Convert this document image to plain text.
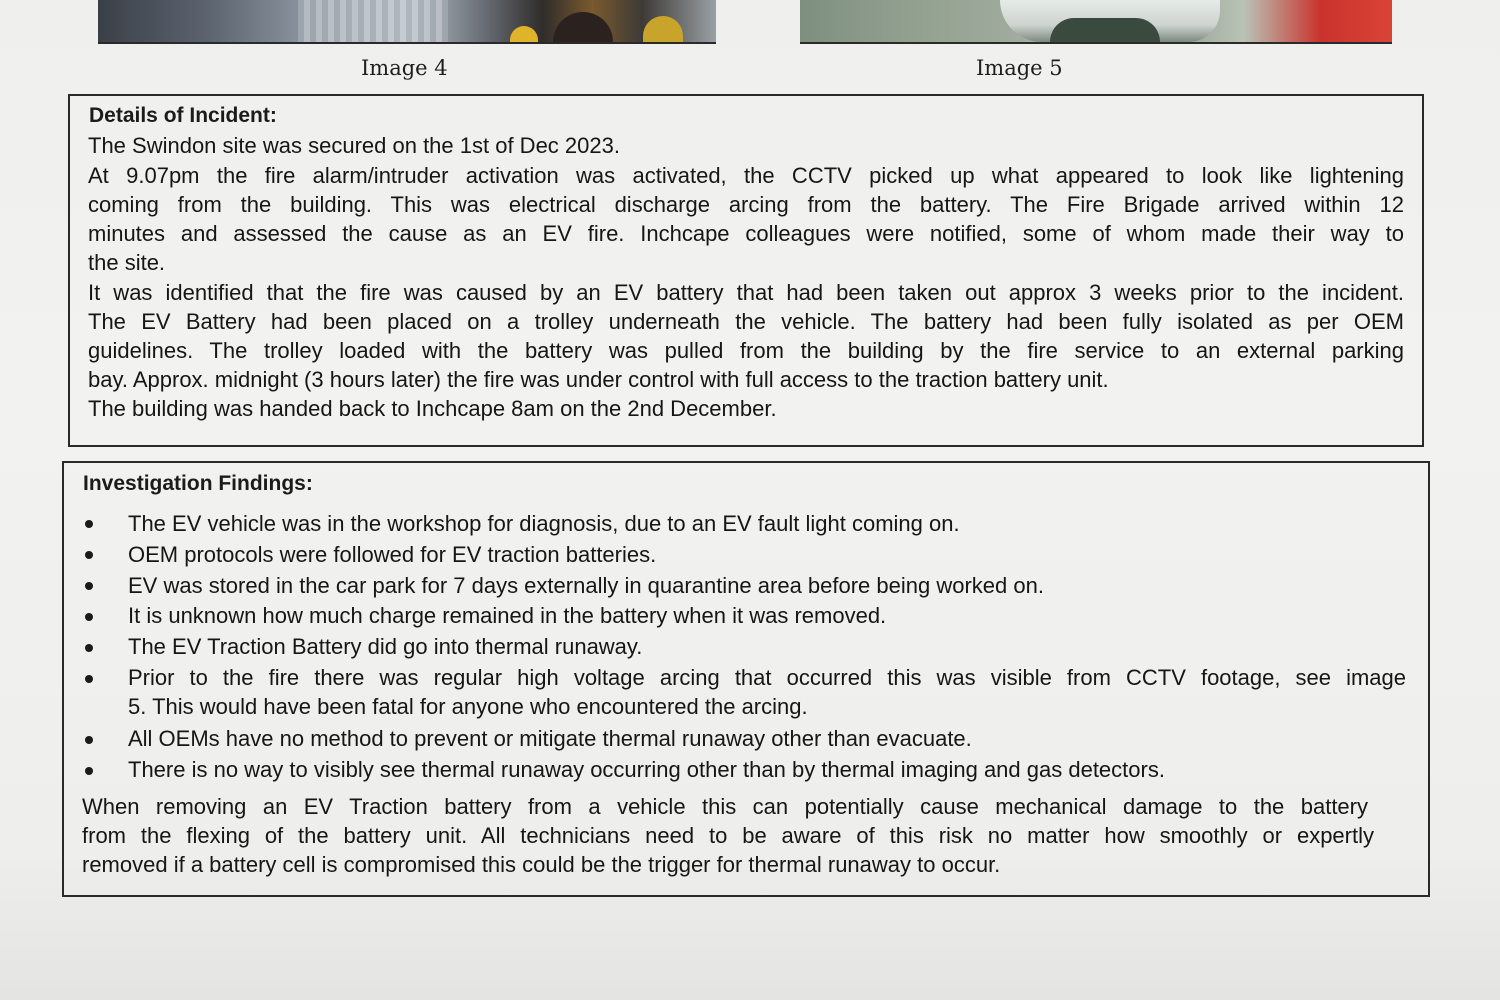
Image 4	Image 5
Details of Incident:
The Swindon site was secured on the 1st of Dec 2023.
At 9.07pm the fire alarm/intruder activation was activated, the CCTV picked up what appeared to look like lightening
coming from the building. This was electrical discharge arcing from the battery. The Fire Brigade arrived within 12
minutes and assessed the cause as an EV fire. Inchcape colleagues were notified, some of whom made their way to
the site.
It was identified that the fire was caused by an EV battery that had been taken out approx 3 weeks prior to the incident.
The EV Battery had been placed on a trolley underneath the vehicle. The battery had been fully isolated as per OEM
guidelines. The trolley loaded with the battery was pulled from the building by the fire service to an external parking
bay. Approx. midnight (3 hours later) the fire was under control with full access to the traction battery unit.
The building was handed back to Inchcape 8am on the 2nd December.
Investigation Findings:
The EV vehicle was in the workshop for diagnosis, due to an EV fault light coming on.
OEM protocols were followed for EV traction batteries.
EV was stored in the car park for 7 days externally in quarantine area before being worked on.
It is unknown how much charge remained in the battery when it was removed.
The EV Traction Battery did go into thermal runaway.
Prior to the fire there was regular high voltage arcing that occurred this was visible from CCTV footage, see image
5. This would have been fatal for anyone who encountered the arcing.
All OEMs have no method to prevent or mitigate thermal runaway other than evacuate.
There is no way to visibly see thermal runaway occurring other than by thermal imaging and gas detectors.
When removing an EV Traction battery from a vehicle this can potentially cause mechanical damage to the battery
from the flexing of the battery unit. All technicians need to be aware of this risk no matter how smoothly or expertly
removed if a battery cell is compromised this could be the trigger for thermal runaway to occur.
